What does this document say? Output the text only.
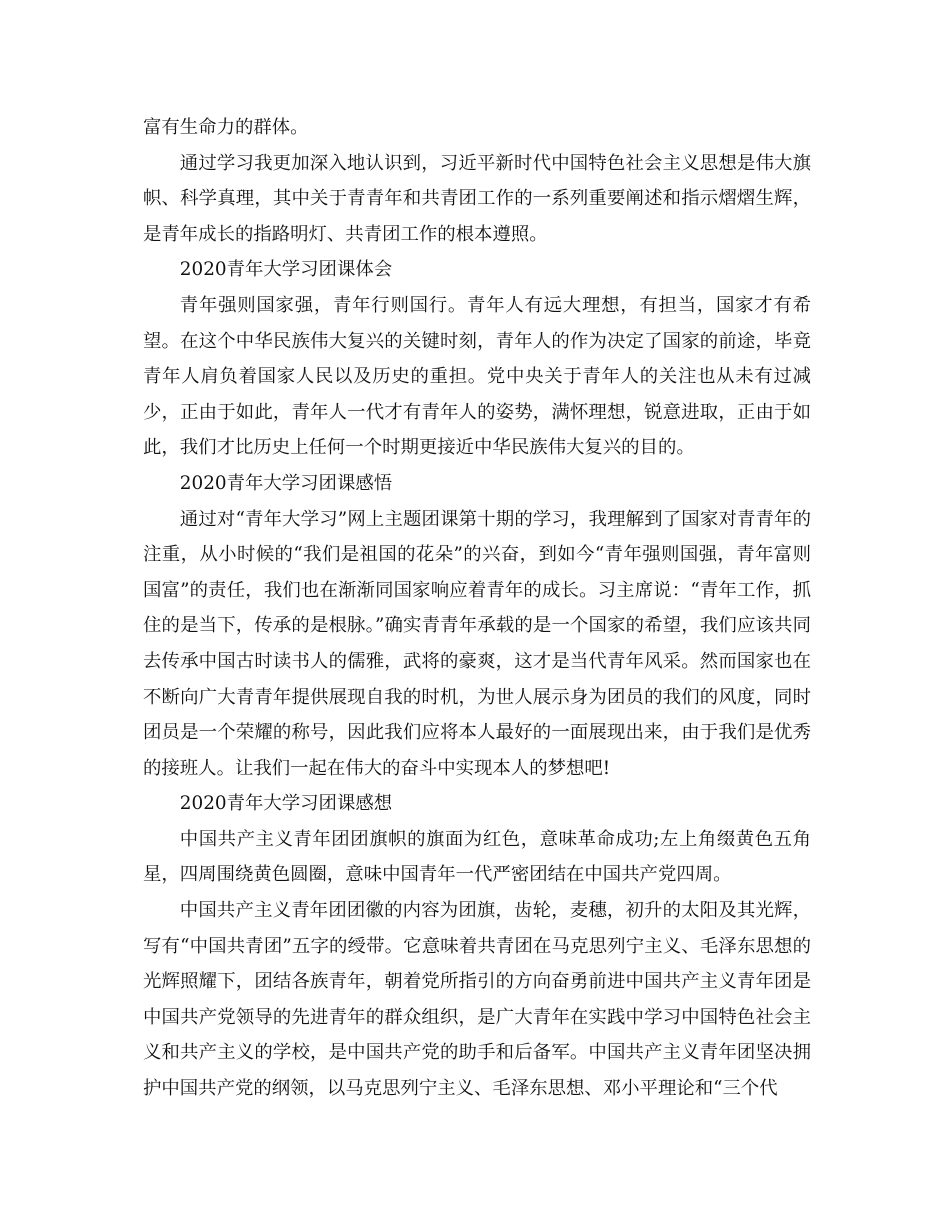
富有生命力的群体。

通过学习我更加深入地认识到，习近平新时代中国特色社会主义思想是伟大旗帜、科学真理，其中关于青青年和共青团工作的一系列重要阐述和指示熠熠生辉，是青年成长的指路明灯、共青团工作的根本遵照。

2020青年大学习团课体会

青年强则国家强，青年行则国行。青年人有远大理想，有担当，国家才有希望。在这个中华民族伟大复兴的关键时刻，青年人的作为决定了国家的前途，毕竟青年人肩负着国家人民以及历史的重担。党中央关于青年人的关注也从未有过减少，正由于如此，青年人一代才有青年人的姿势，满怀理想，锐意进取，正由于如此，我们才比历史上任何一个时期更接近中华民族伟大复兴的目的。

2020青年大学习团课感悟

通过对“青年大学习”网上主题团课第十期的学习，我理解到了国家对青青年的注重，从小时候的“我们是祖国的花朵”的兴奋，到如今“青年强则国强，青年富则国富”的责任，我们也在渐渐同国家响应着青年的成长。习主席说：“青年工作，抓住的是当下，传承的是根脉。”确实青青年承载的是一个国家的希望，我们应该共同去传承中国古时读书人的儒雅，武将的豪爽，这才是当代青年风采。然而国家也在不断向广大青青年提供展现自我的时机，为世人展示身为团员的我们的风度，同时团员是一个荣耀的称号，因此我们应将本人最好的一面展现出来，由于我们是优秀的接班人。让我们一起在伟大的奋斗中实现本人的梦想吧!

2020青年大学习团课感想

中国共产主义青年团团旗帜的旗面为红色，意味革命成功;左上角缀黄色五角星，四周围绕黄色圆圈，意味中国青年一代严密团结在中国共产党四周。

中国共产主义青年团团徽的内容为团旗，齿轮，麦穗，初升的太阳及其光辉，写有“中国共青团”五字的绶带。它意味着共青团在马克思列宁主义、毛泽东思想的光辉照耀下，团结各族青年，朝着党所指引的方向奋勇前进中国共产主义青年团是中国共产党领导的先进青年的群众组织，是广大青年在实践中学习中国特色社会主义和共产主义的学校，是中国共产党的助手和后备军。中国共产主义青年团坚决拥护中国共产党的纲领，以马克思列宁主义、毛泽东思想、邓小平理论和“三个代
